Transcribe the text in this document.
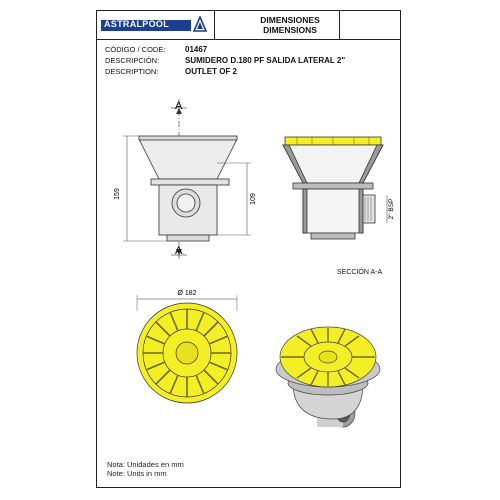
ASTRALPOOL	DIMENSIONES
DIMENSIONS
CÓDIGO / CODE: 01467
DESCRIPCIÓN:	SUMIDERO D.180 PF SALIDA LATERAL 2"
DESCRIPTION:	OUTLET OF 2
159	109
A
A
2" BSP
Ø 182
SECCIÓN A-A
Nota: Unidades en mm
Note: Units in mm
